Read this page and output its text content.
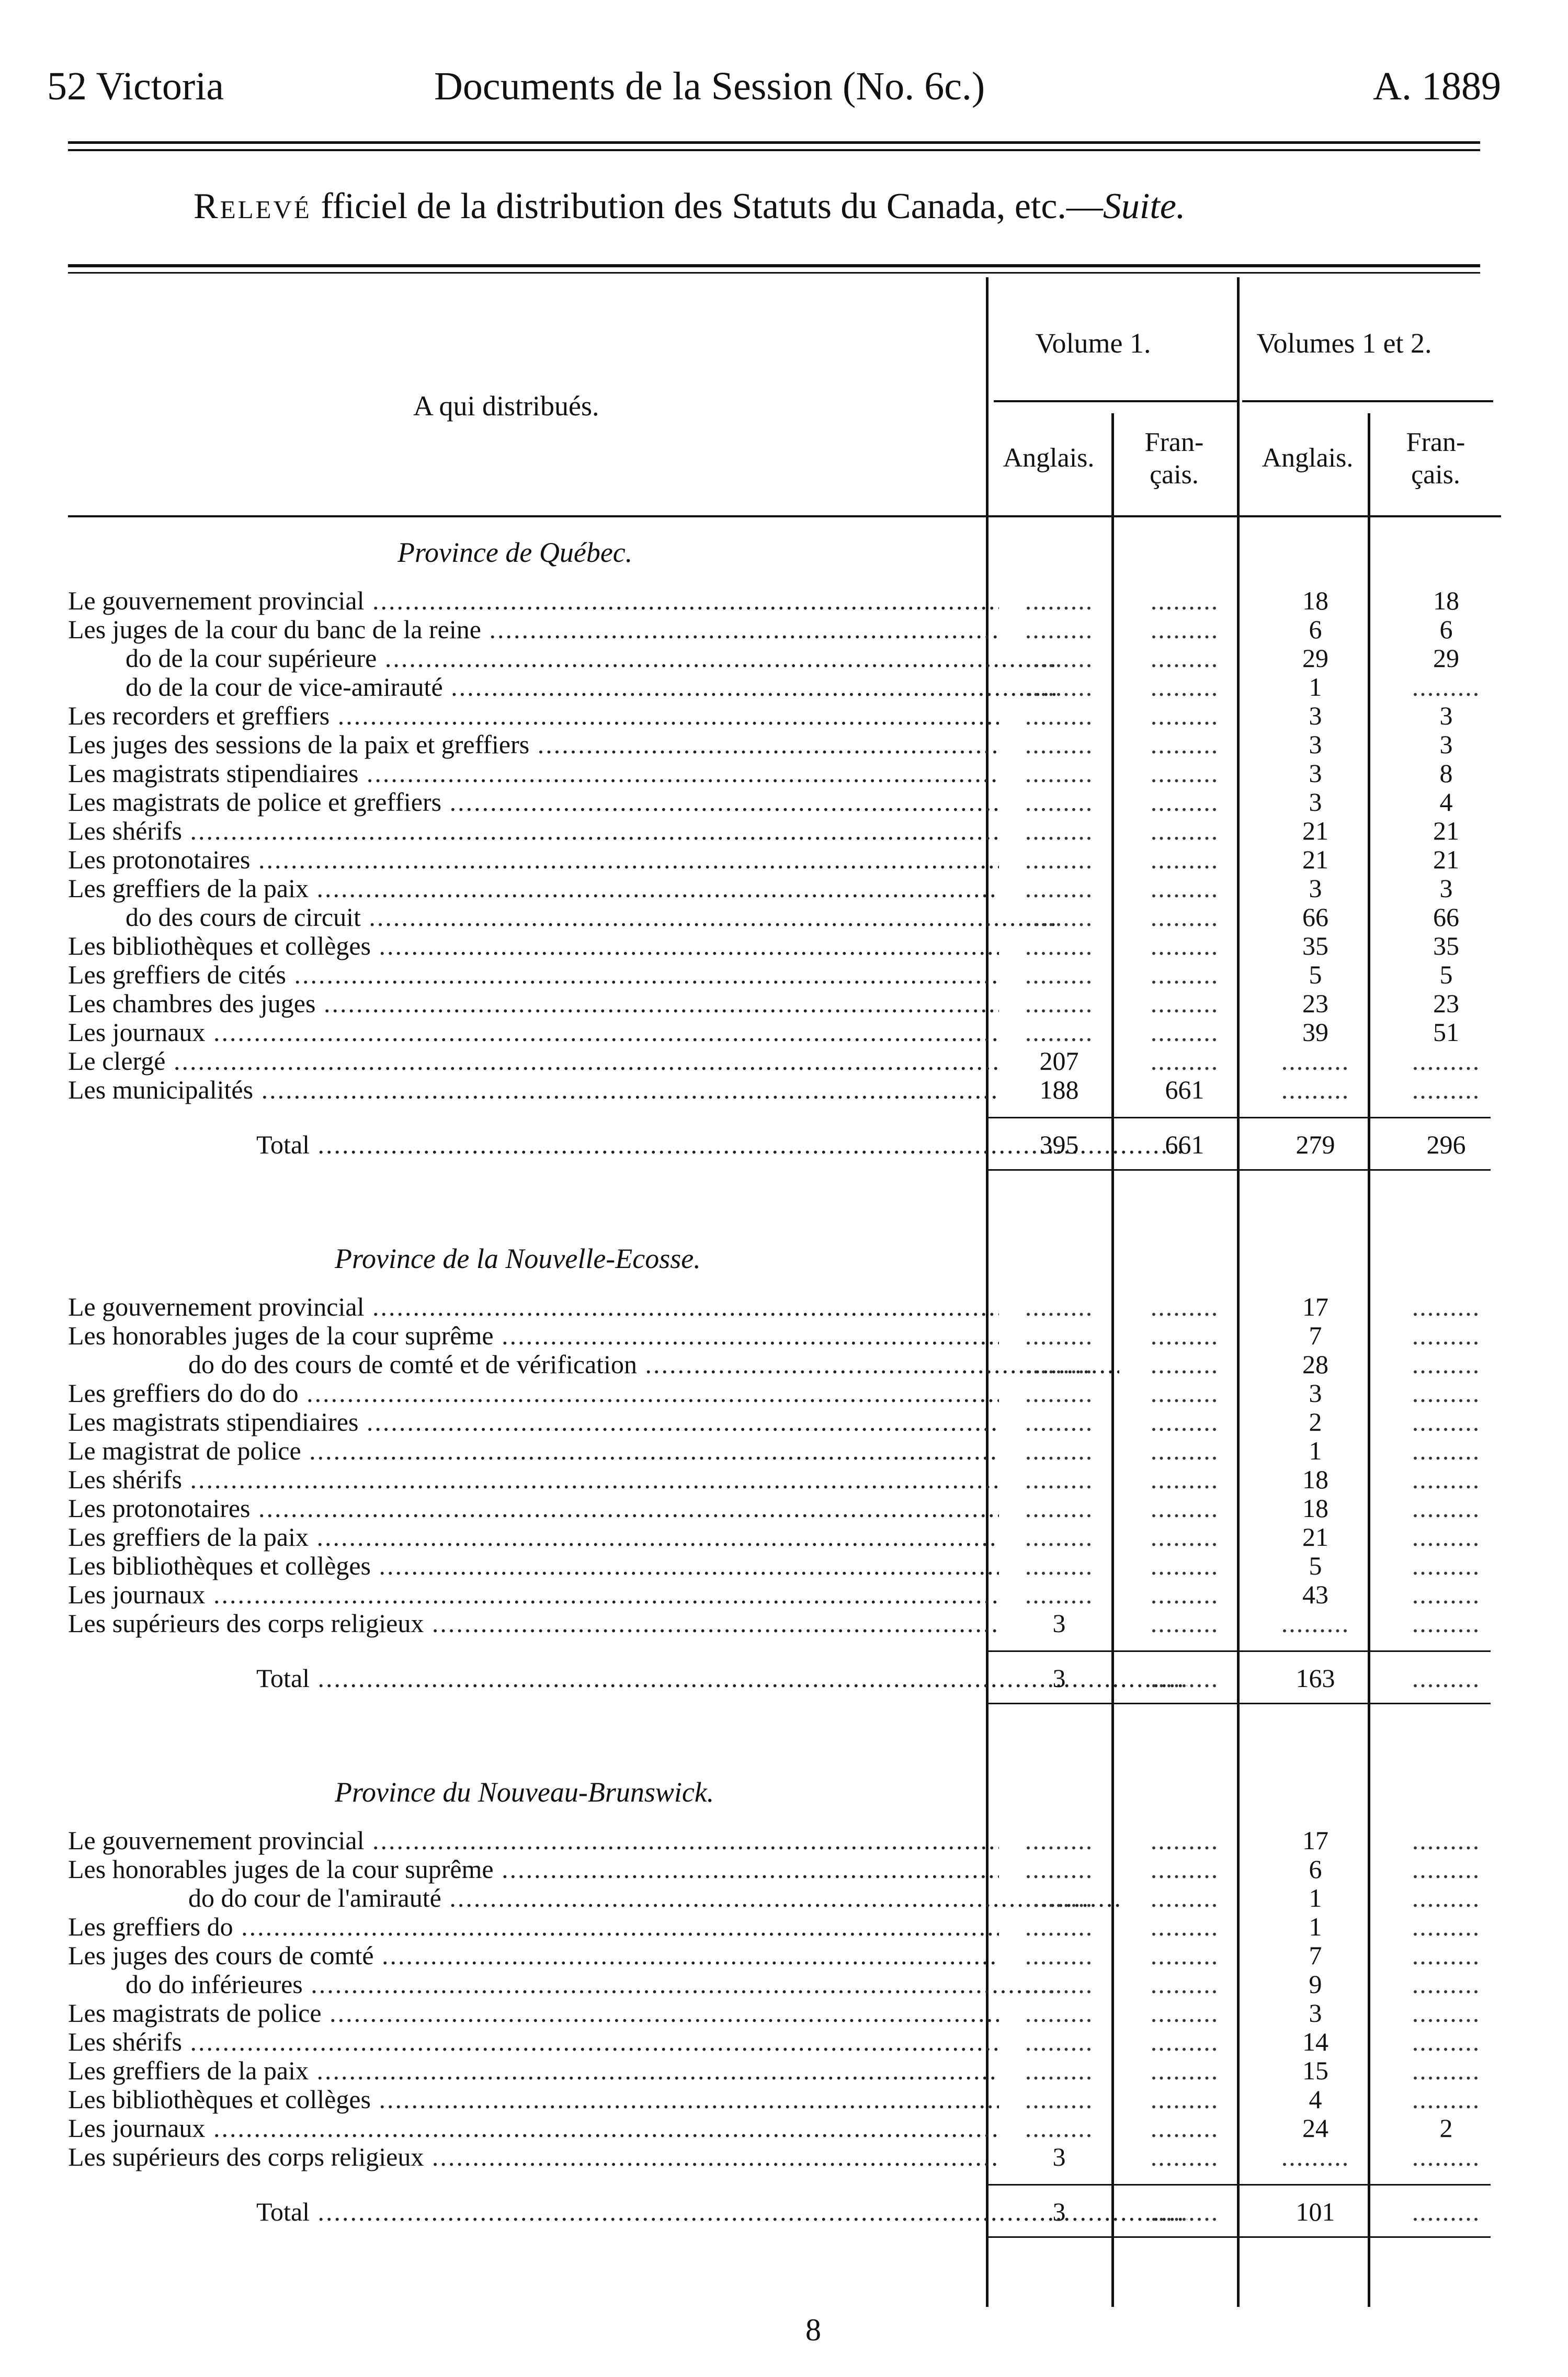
52 Victoria	Documents de la Session (No. 6c.)	A. 1889
Relevé fficiel de la distribution des Statuts du Canada, etc.—Suite.
A qui distribués.
Volume 1.	Volumes 1 et 2.
Anglais.
Fran-
çais.
Anglais.
Fran-
çais.
Province de Québec.
Le gouvernement provincial .....	.........	.........	18	18
Les juges de la cour du banc de la reine .....	.........	.........	6	6
do de la cour supérieure .....	.........	.........	29	29
do de la cour de vice-amirauté .....	.........	.........	1	.........
Les recorders et greffiers .....	.........	.........	3	3
Les juges des sessions de la paix et greffiers .....	.........	.........	3	3
Les magistrats stipendiaires .....	.........	.........	3	8
Les magistrats de police et greffiers .....	.........	.........	3	4
Les shérifs .....	.........	.........	21	21
Les protonotaires .....	.........	.........	21	21
Les greffiers de la paix .....	.........	.........	3	3
do des cours de circuit .....	.........	.........	66	66
Les bibliothèques et collèges .....	.........	.........	35	35
Les greffiers de cités .....	.........	.........	5	5
Les chambres des juges .....	.........	.........	23	23
Les journaux .....	.........	.........	39	51
Le clergé .....	207	.........	.........	.........
Les municipalités .....	188	661	.........	.........
Total .....	395	661	279	296
Province de la Nouvelle-Ecosse.
Le gouvernement provincial .....	.........	.........	17	.........
Les honorables juges de la cour suprême .....	.........	.........	7	.........
do do des cours de comté et de vérification .....	.........	.........	28	.........
Les greffiers do do do .....	.........	.........	3	.........
Les magistrats stipendiaires .....	.........	.........	2	.........
Le magistrat de police .....	.........	.........	1	.........
Les shérifs .....	.........	.........	18	.........
Les protonotaires .....	.........	.........	18	.........
Les greffiers de la paix .....	.........	.........	21	.........
Les bibliothèques et collèges .....	.........	.........	5	.........
Les journaux .....	.........	.........	43	.........
Les supérieurs des corps religieux .....	3	.........	.........	.........
Total .....	3	.........	163	.........
Province du Nouveau-Brunswick.
Le gouvernement provincial .....	.........	.........	17	.........
Les honorables juges de la cour suprême .....	.........	.........	6	.........
do do cour de l'amirauté .....	.........	.........	1	.........
Les greffiers do .....	.........	.........	1	.........
Les juges des cours de comté .....	.........	.........	7	.........
do do inférieures .....	.........	.........	9	.........
Les magistrats de police .....	.........	.........	3	.........
Les shérifs .....	.........	.........	14	.........
Les greffiers de la paix .....	.........	.........	15	.........
Les bibliothèques et collèges .....	.........	.........	4	.........
Les journaux .....	.........	.........	24	2
Les supérieurs des corps religieux .....	3	.........	.........	.........
Total .....	3	.........	101	.........
8
